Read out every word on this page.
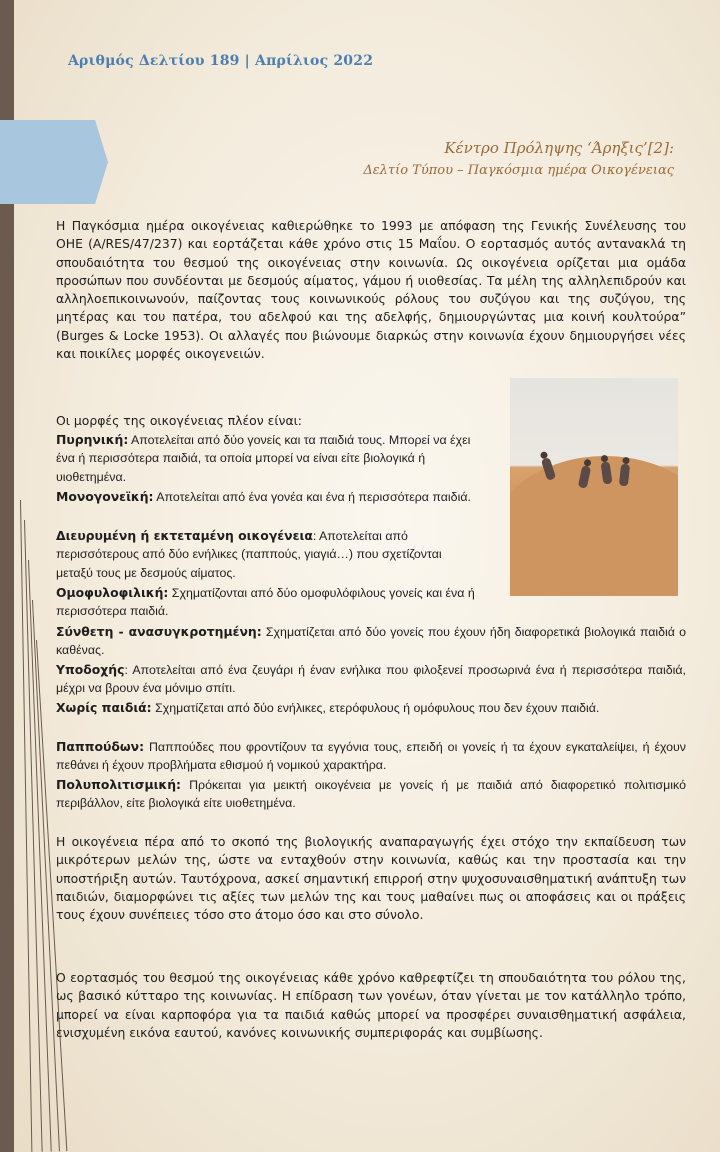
Αριθμός Δελτίου 189 | Απρίλιος 2022
Κέντρο Πρόληψης ‘Άρηξις’[2]:
Δελτίο Τύπου – Παγκόσμια ημέρα Οικογένειας

Η Παγκόσμια ημέρα οικογένειας καθιερώθηκε το 1993 με απόφαση της Γενικής Συνέλευσης του ΟΗΕ (A/RES/47/237) και εορτάζεται κάθε χρόνο στις 15 Μαΐου. Ο εορτασμός αυτός αντανακλά τη σπουδαιότητα του θεσμού της οικογένειας στην κοινωνία. Ως οικογένεια ορίζεται μια ομάδα προσώπων που συνδέονται με δεσμούς αίματος, γάμου ή υιοθεσίας. Τα μέλη της αλληλεπιδρούν και αλληλοεπικοινωνούν, παίζοντας τους κοινωνικούς ρόλους του συζύγου και της συζύγου, της μητέρας και του πατέρα, του αδελφού και της αδελφής, δημιουργώντας μια κοινή κουλτούρα” (Burges & Locke 1953). Οι αλλαγές που βιώνουμε διαρκώς στην κοινωνία έχουν δημιουργήσει νέες και ποικίλες μορφές οικογενειών.

Οι μορφές της οικογένειας πλέον είναι:

Πυρηνική: Αποτελείται από δύο γονείς και τα παιδιά τους. Μπορεί να έχει ένα ή περισσότερα παιδιά, τα οποία μπορεί να είναι είτε βιολογικά ή υιοθετημένα.

Μονογονεϊκή: Αποτελείται από ένα γονέα και ένα ή περισσότερα παιδιά.

Διευρυμένη ή εκτεταμένη οικογένεια: Αποτελείται από περισσότερους από δύο ενήλικες (παππούς, γιαγιά…) που σχετίζονται μεταξύ τους με δεσμούς αίματος.

Ομοφυλοφιλική: Σχηματίζονται από δύο ομοφυλόφιλους γονείς και ένα ή περισσότερα παιδιά.

Σύνθετη - ανασυγκροτημένη: Σχηματίζεται από δύο γονείς που έχουν ήδη διαφορετικά βιολογικά παιδιά ο καθένας.

Υποδοχής: Αποτελείται από ένα ζευγάρι ή έναν ενήλικα που φιλοξενεί προσωρινά ένα ή περισσότερα παιδιά, μέχρι να βρουν ένα μόνιμο σπίτι.

Χωρίς παιδιά: Σχηματίζεται από δύο ενήλικες, ετερόφυλους ή ομόφυλους που δεν έχουν παιδιά.

Παππούδων: Παππούδες που φροντίζουν τα εγγόνια τους, επειδή οι γονείς ή τα έχουν εγκαταλείψει, ή έχουν πεθάνει ή έχουν προβλήματα εθισμού ή νομικού χαρακτήρα.

Πολυπολιτισμική: Πρόκειται για μεικτή οικογένεια με γονείς ή με παιδιά από διαφορετικό πολιτισμικό περιβάλλον, είτε βιολογικά είτε υιοθετημένα.

Η οικογένεια πέρα από το σκοπό της βιολογικής αναπαραγωγής έχει στόχο την εκπαίδευση των μικρότερων μελών της, ώστε να ενταχθούν στην κοινωνία, καθώς και την προστασία και την υποστήριξη αυτών. Ταυτόχρονα, ασκεί σημαντική επιρροή στην ψυχοσυναισθηματική ανάπτυξη των παιδιών, διαμορφώνει τις αξίες των μελών της και τους μαθαίνει πως οι αποφάσεις και οι πράξεις τους έχουν συνέπειες τόσο στο άτομο όσο και στο σύνολο.

Ο εορτασμός του θεσμού της οικογένειας κάθε χρόνο καθρεφτίζει τη σπουδαιότητα του ρόλου της, ως βασικό κύτταρο της κοινωνίας. Η επίδραση των γονέων, όταν γίνεται με τον κατάλληλο τρόπο, μπορεί να είναι καρποφόρα για τα παιδιά καθώς μπορεί να προσφέρει συναισθηματική ασφάλεια, ενισχυμένη εικόνα εαυτού, κανόνες κοινωνικής συμπεριφοράς και συμβίωσης.
